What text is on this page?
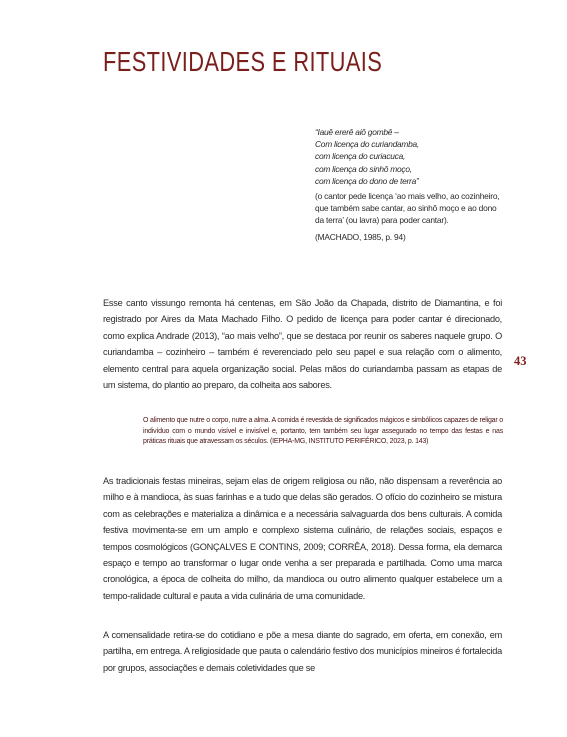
FESTIVIDADES E RITUAIS
“Iauê ererê aiô gombê –
Com licença do curiandamba,
com licença do curiacuca,
com licença do sinhô moço,
com licença do dono de terra”

(o cantor pede licença ‘ao mais velho, ao cozinheiro, que também sabe cantar, ao sinhô moço e ao dono da terra’ (ou lavra) para poder cantar).

(MACHADO, 1985, p. 94)

Esse canto vissungo remonta há centenas, em São João da Chapada, distrito de Diamantina, e foi registrado por Aires da Mata Machado Filho. O pedido de licença para poder cantar é direcionado, como explica Andrade (2013), “ao mais velho”, que se destaca por reunir os saberes naquele grupo. O curiandamba – cozinheiro – também é reverenciado pelo seu papel e sua relação com o alimento, elemento central para aquela organização social. Pelas mãos do curiandamba passam as etapas de um sistema, do plantio ao preparo, da colheita aos sabores.

43

O alimento que nutre o corpo, nutre a alma. A comida é revestida de significados mágicos e simbólicos capazes de religar o indivíduo com o mundo visível e invisível e, portanto, tem também seu lugar assegurado no tempo das festas e nas práticas rituais que atravessam os séculos. (IEPHA-MG, INSTITUTO PERIFÉRICO, 2023, p. 143)

As tradicionais festas mineiras, sejam elas de origem religiosa ou não, não dispensam a reverência ao milho e à mandioca, às suas farinhas e a tudo que delas são gerados. O ofício do cozinheiro se mistura com as celebrações e materializa a dinâmica e a necessária salvaguarda dos bens culturais. A comida festiva movimenta-se em um amplo e complexo sistema culinário, de relações sociais, espaços e tempos cosmológicos (GONÇALVES E CONTINS, 2009; CORRÊA, 2018). Dessa forma, ela demarca espaço e tempo ao transformar o lugar onde venha a ser preparada e partilhada. Como uma marca cronológica, a época de colheita do milho, da mandioca ou outro alimento qualquer estabelece um a tempo-ralidade cultural e pauta a vida culinária de uma comunidade.

A comensalidade retira-se do cotidiano e põe a mesa diante do sagrado, em oferta, em conexão, em partilha, em entrega. A religiosidade que pauta o calendário festivo dos municípios mineiros é fortalecida por grupos, associações e demais coletividades que se
